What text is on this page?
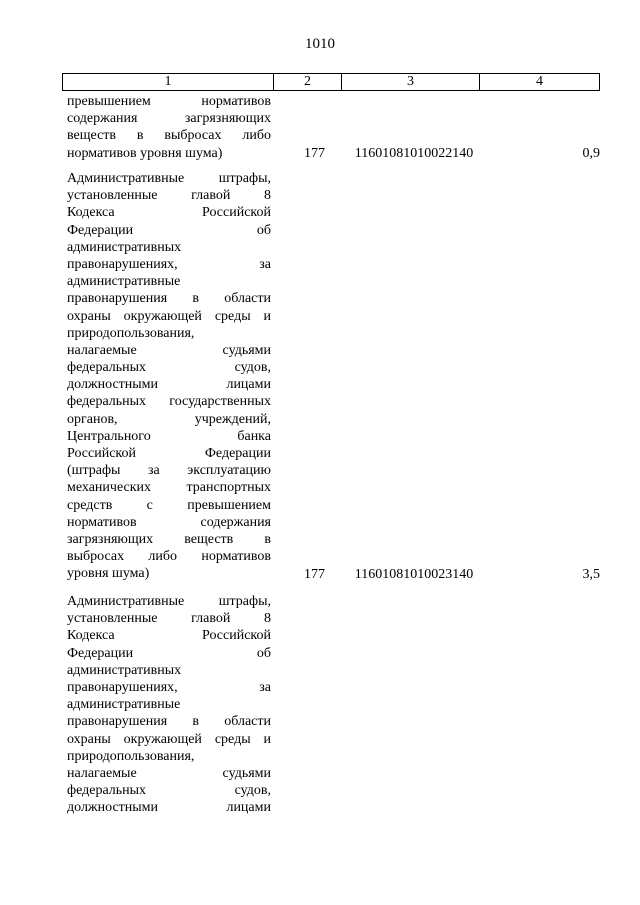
1010
1	2	3	4
превышением нормативов
содержания загрязняющих
веществ в выбросах либо
нормативов уровня шума)	177	11601081010022140	0,9
Административные штрафы,
установленные главой 8
Кодекса Российской
Федерации об
административных
правонарушениях, за
административные
правонарушения в области
охраны окружающей среды и
природопользования,
налагаемые судьями
федеральных судов,
должностными лицами
федеральных государственных
органов, учреждений,
Центрального банка
Российской Федерации
(штрафы за эксплуатацию
механических транспортных
средств с превышением
нормативов содержания
загрязняющих веществ в
выбросах либо нормативов
уровня шума)	177	11601081010023140	3,5
Административные штрафы,
установленные главой 8
Кодекса Российской
Федерации об
административных
правонарушениях, за
административные
правонарушения в области
охраны окружающей среды и
природопользования,
налагаемые судьями
федеральных судов,
должностными лицами
